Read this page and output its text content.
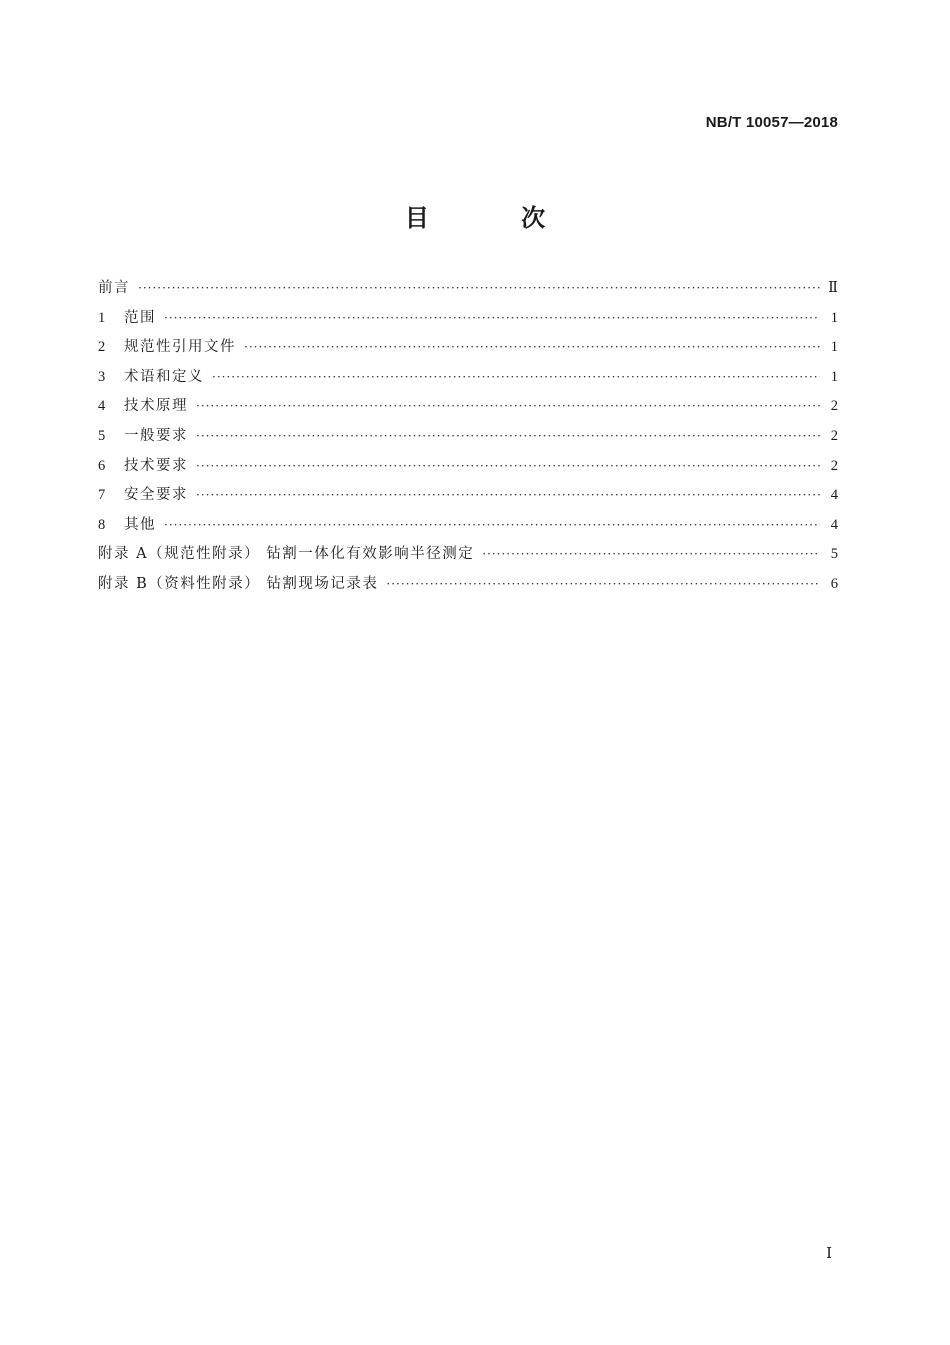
NB/T 10057—2018
目 次
前言 ·····	Ⅱ
1 范围 ·····	1
2 规范性引用文件 ·····	1
3 术语和定义 ·····	1
4 技术原理 ·····	2
5 一般要求 ·····	2
6 技术要求 ·····	2
7 安全要求 ·····	4
8 其他 ·····	4
附录 A（规范性附录） 钻割一体化有效影响半径测定 ·····	5
附录 B（资料性附录） 钻割现场记录表 ·····	6
Ⅰ
